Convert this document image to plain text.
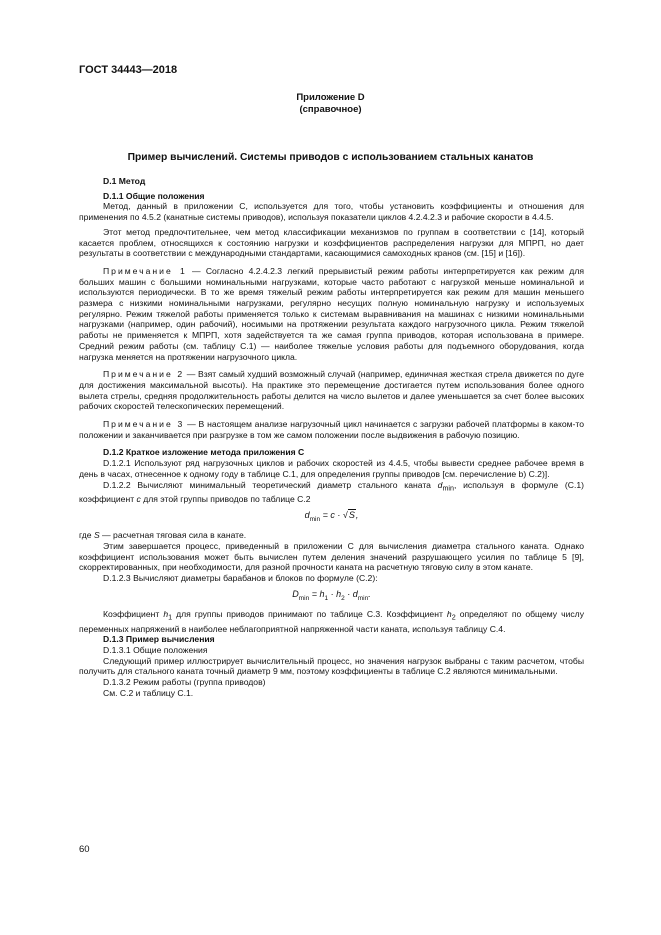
ГОСТ 34443—2018
Приложение D
(справочное)
Пример вычислений. Системы приводов с использованием стальных канатов

D.1 Метод

D.1.1 Общие положения

Метод, данный в приложении С, используется для того, чтобы установить коэффициенты и отношения для применения по 4.5.2 (канатные системы приводов), используя показатели циклов 4.2.4.2.3 и рабочие скорости в 4.4.5.

Этот метод предпочтительнее, чем метод классификации механизмов по группам в соответствии с [14], который касается проблем, относящихся к состоянию нагрузки и коэффициентов распределения нагрузки для МПРП, но дает результаты в соответствии с международными стандартами, касающимися самоходных кранов (см. [15] и [16]).

Примечание 1 — Согласно 4.2.4.2.3 легкий прерывистый режим работы интерпретируется как режим для больших машин с большими номинальными нагрузками, которые часто работают с нагрузкой меньше номинальной и используются периодически. В то же время тяжелый режим работы интерпретируется как режим для машин меньшего размера с низкими номинальными нагрузками, регулярно несущих полную номинальную нагрузку и используемых регулярно. Режим тяжелой работы применяется только к системам выравнивания на машинах с низкими номинальными нагрузками (например, один рабочий), носимыми на протяжении результата каждого нагрузочного цикла. Режим тяжелой работы не применяется к МПРП, хотя задействуется та же самая группа приводов, которая использована в примере. Средний режим работы (см. таблицу С.1) — наиболее тяжелые условия работы для подъемного оборудования, когда нагрузка меняется на протяжении нагрузочного цикла.

Примечание 2 — Взят самый худший возможный случай (например, единичная жесткая стрела движется по дуге для достижения максимальной высоты). На практике это перемещение достигается путем использования более одного вылета стрелы, средняя продолжительность работы делится на число вылетов и далее уменьшается за счет более высоких рабочих скоростей телескопических перемещений.

Примечание 3 — В настоящем анализе нагрузочный цикл начинается с загрузки рабочей платформы в каком-то положении и заканчивается при разгрузке в том же самом положении после выдвижения в рабочую позицию.

D.1.2 Краткое изложение метода приложения С

D.1.2.1 Используют ряд нагрузочных циклов и рабочих скоростей из 4.4.5, чтобы вывести среднее рабочее время в день в часах, отнесенное к одному году в таблице С.1, для определения группы приводов [см. перечисление b) С.2)].

D.1.2.2 Вычисляют минимальный теоретический диаметр стального каната $d_{min}$, используя в формуле (С.1) коэффициент c для этой группы приводов по таблице С.2

$d_{min} = c \cdot √S$,

где S — расчетная тяговая сила в канате.

Этим завершается процесс, приведенный в приложении С для вычисления диаметра стального каната. Однако коэффициент использования может быть вычислен путем деления значений разрушающего усилия по таблице 5 [9], скорректированных, при необходимости, для разной прочности каната на расчетную тяговую силу в этом канате.

D.1.2.3 Вычисляют диаметры барабанов и блоков по формуле (С.2):

$D_{min} = h_1 \cdot h_2 \cdot d_{min}$.

Коэффициент $h_1$ для группы приводов принимают по таблице С.3. Коэффициент $h_2$ определяют по общему числу переменных напряжений в наиболее неблагоприятной напряженной части каната, используя таблицу С.4.

D.1.3 Пример вычисления

D.1.3.1 Общие положения

Следующий пример иллюстрирует вычислительный процесс, но значения нагрузок выбраны с таким расчетом, чтобы получить для стального каната точный диаметр 9 мм, поэтому коэффициенты в таблице С.2 являются минимальными.

D.1.3.2 Режим работы (группа приводов)

См. С.2 и таблицу С.1.

60
